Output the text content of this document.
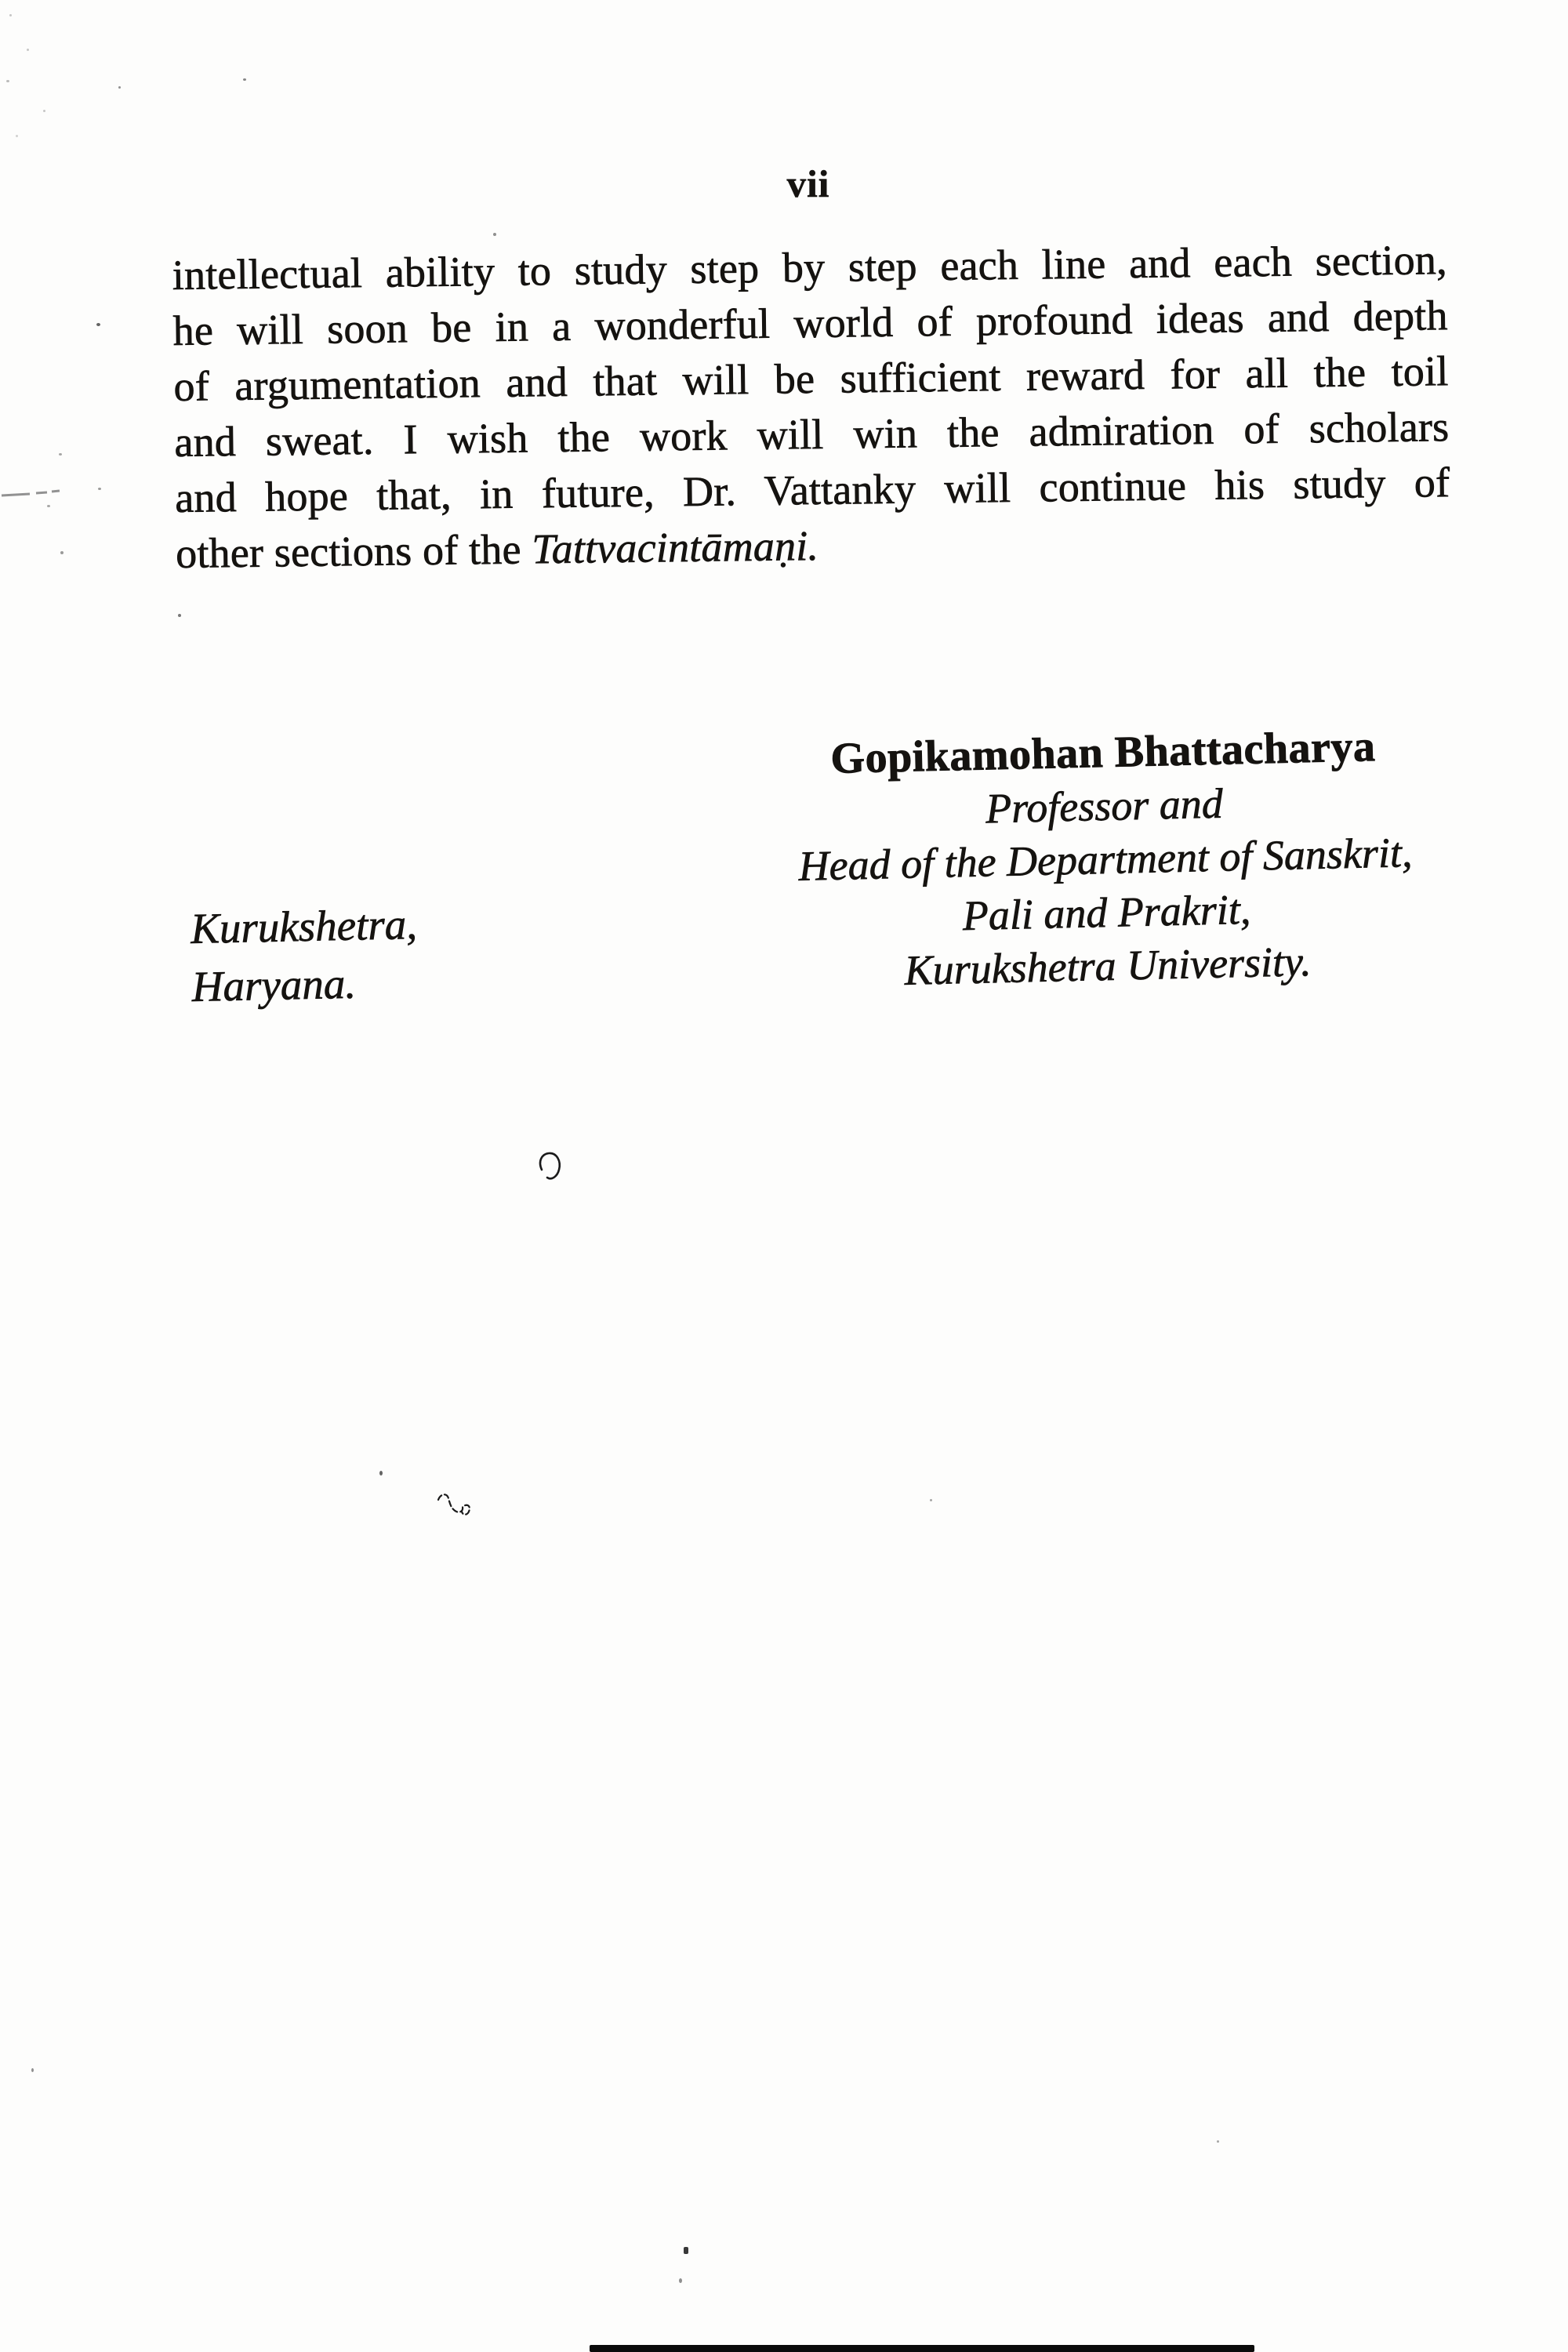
vii
intellectual ability to study step by step each line and each section,
he will soon be in a wonderful world of profound ideas and depth
of argumentation and that will be sufficient reward for all the toil
and sweat. I wish the work will win the admiration of scholars
and hope that, in future, Dr. Vattanky will continue his study of
other sections of the Tattvacintāmaṇi.
Gopikamohan Bhattacharya
Professor and
Head of the Department of Sanskrit,
Pali and Prakrit,
Kurukshetra University.
Kurukshetra,
Haryana.
